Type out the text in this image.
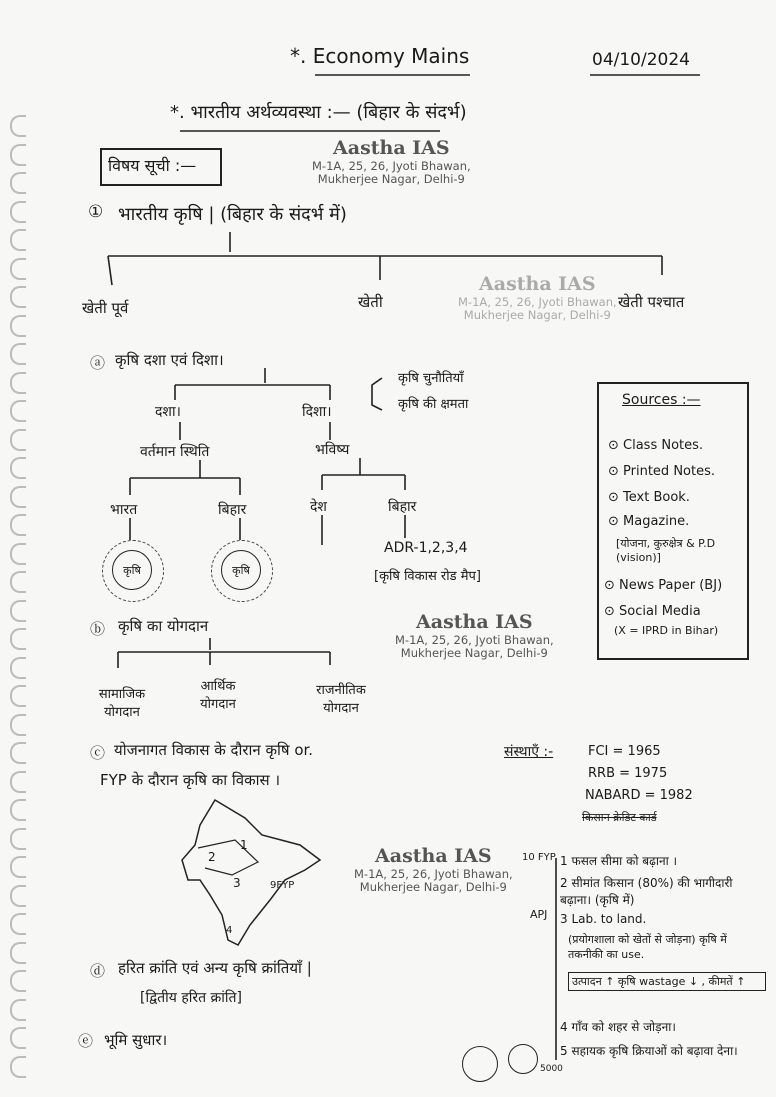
*. Economy Mains	04/10/2024
*. भारतीय अर्थव्यवस्था :— (बिहार के संदर्भ)
विषय सूची :—
Aastha IAS
M-1A, 25, 26, Jyoti Bhawan,
Mukherjee Nagar, Delhi-9
Aastha IAS
M-1A, 25, 26, Jyoti Bhawan,
Mukherjee Nagar, Delhi-9
Aastha IAS
M-1A, 25, 26, Jyoti Bhawan,
Mukherjee Nagar, Delhi-9
Aastha IAS
M-1A, 25, 26, Jyoti Bhawan,
Mukherjee Nagar, Delhi-9
① भारतीय कृषि | (बिहार के संदर्भ में)
खेती पूर्व	खेती	खेती पश्चात
ⓐ कृषि दशा एवं दिशा।
दशा।	दिशा।
कृषि चुनौतियाँ
कृषि की क्षमता
वर्तमान स्थिति	भविष्य
भारत	बिहार	देश	बिहार
कृषि	कृषि
ADR-1,2,3,4
[कृषि विकास रोड मैप]
ⓑ कृषि का योगदान
सामाजिक
योगदान
आर्थिक
योगदान
राजनीतिक
योगदान
Sources :—
⊙ Class Notes.
⊙ Printed Notes.
⊙ Text Book.
⊙ Magazine.
[योजना, कुरुक्षेत्र & P.D (vision)]
⊙ News Paper (BJ)
⊙ Social Media
(X = IPRD in Bihar)
ⓒ योजनागत विकास के दौरान कृषि or.
FYP के दौरान कृषि का विकास ।
संस्थाएँ :-	FCI = 1965
RRB = 1975
NABARD = 1982
किसान क्रेडिट कार्ड
1
2
3
4
9FYP
10 FYP
APJ
1 फसल सीमा को बढ़ाना ।
2 सीमांत किसान (80%) की भागीदारी बढ़ाना। (कृषि में)
3 Lab. to land.
(प्रयोगशाला को खेतों से जोड़ना) कृषि में तकनीकी का use.
उत्पादन ↑ कृषि wastage ↓ , कीमतें ↑
4 गाँव को शहर से जोड़ना।
5 सहायक कृषि क्रियाओं को बढ़ावा देना।
ⓓ हरित क्रांति एवं अन्य कृषि क्रांतियाँ |
[द्वितीय हरित क्रांति]
ⓔ भूमि सुधार।
5000
